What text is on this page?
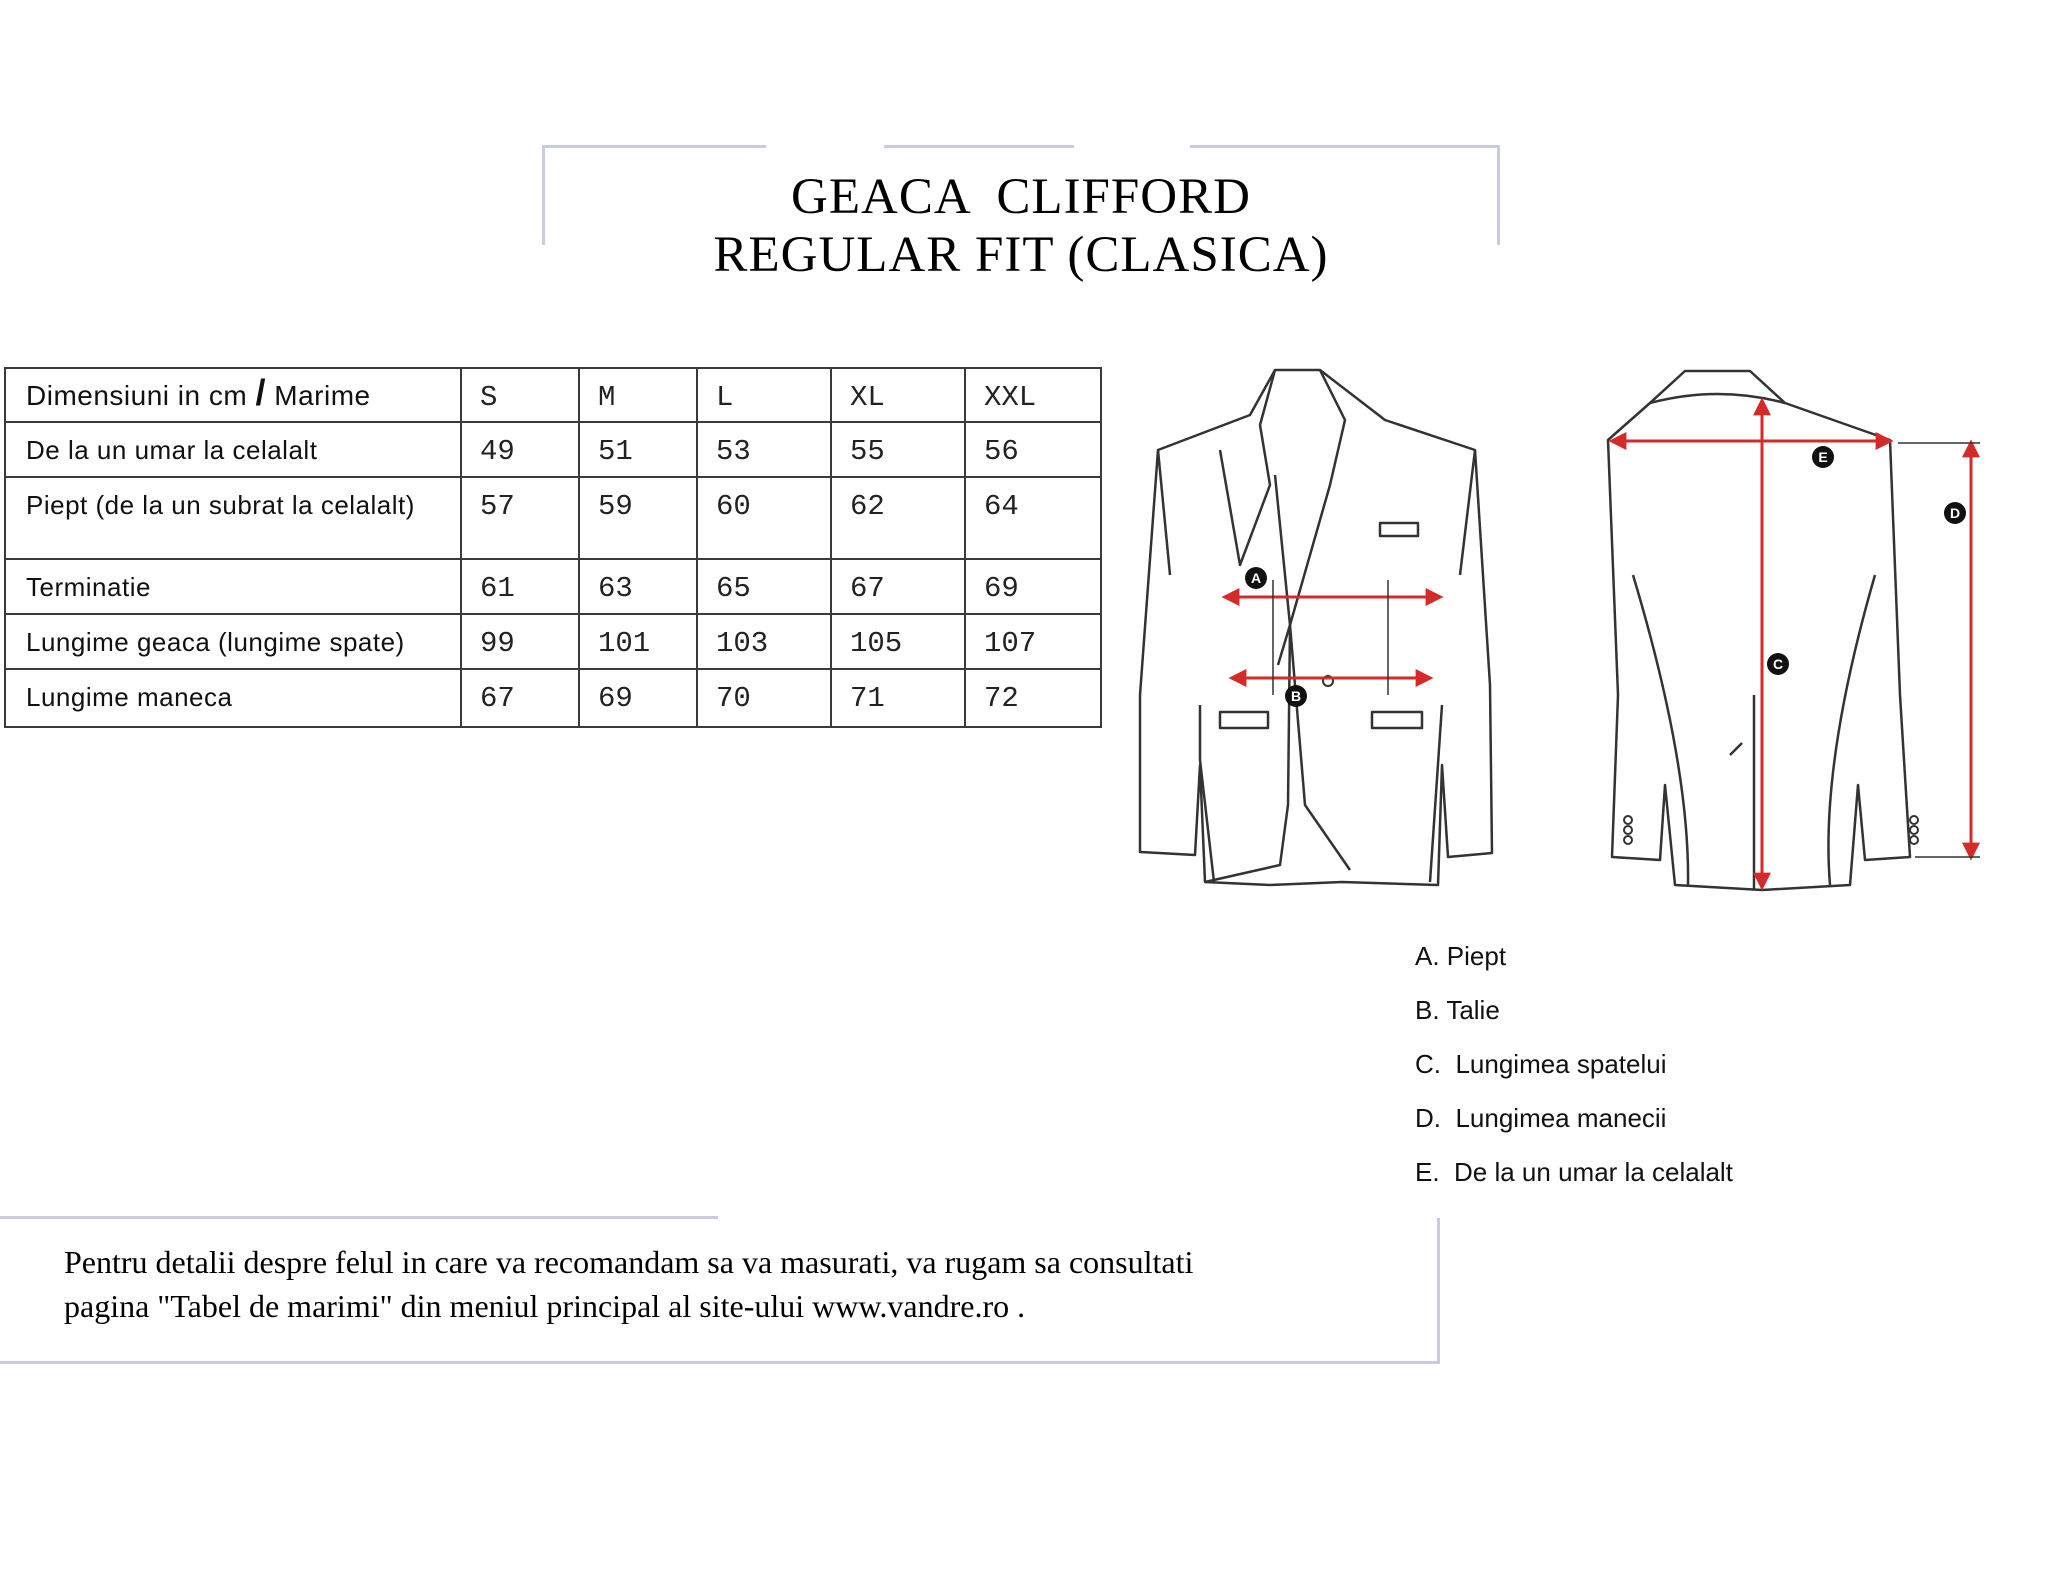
GEACA  CLIFFORD
REGULAR FIT (CLASICA)
Dimensiuni in cm / Marime	S	M	L	XL	XXL
De la un umar la celalalt	49	51	53	55	56
Piept (de la un subrat la celalalt)	57	59	60	62	64
Terminatie	61	63	65	67	69
Lungime geaca (lungime spate)	99	101	103	105	107
Lungime maneca	67	69	70	71	72
A
B
C
D
E
A. Piept
B. Talie
C.  Lungimea spatelui
D.  Lungimea manecii
E.  De la un umar la celalalt
Pentru detalii despre felul in care va recomandam sa va masurati, va rugam sa consultati
pagina "Tabel de marimi" din meniul principal al site-ului www.vandre.ro .
